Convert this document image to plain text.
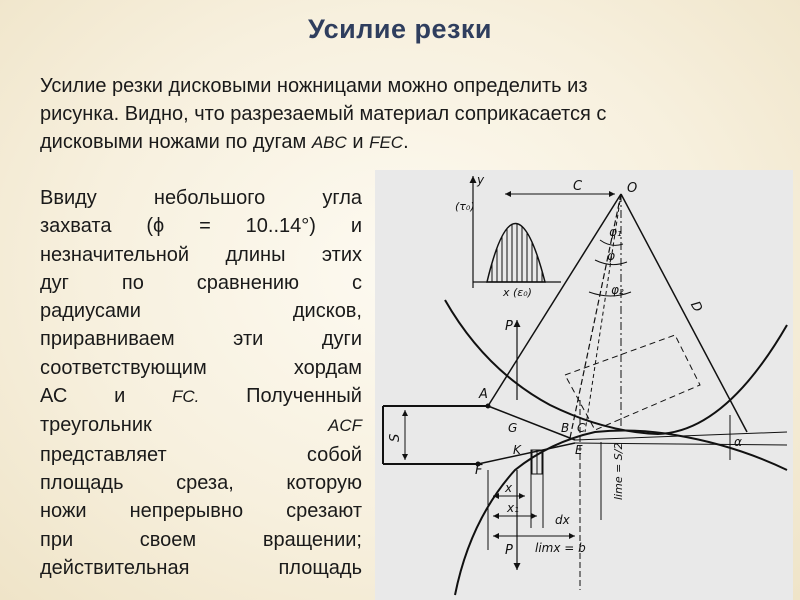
Усилие резки
Усилие резки дисковыми ножницами можно определить из
рисунка. Видно, что разрезаемый материал соприкасается с
дисковыми ножами по дугам ABC и FEC.
Ввиду небольшого угла
захвата (ϕ = 10..14°) и
незначительной длины этих
дуг по сравнению с
радиусами дисков,
приравниваем эти дуги
соответствующим хордам
АС и	FC. Полученный
треугольник	ACF
представляет собой
площадь среза, которую
ножи непрерывно срезают
при своем вращении;
действительная площадь
S
C	O
φ₁
φ
φ₂
D
y
(τ₀)
x (ε₀)
P
A
G	B C
E
K
F
α
lime = S/2
x
x₁
dx
limx = b
P
